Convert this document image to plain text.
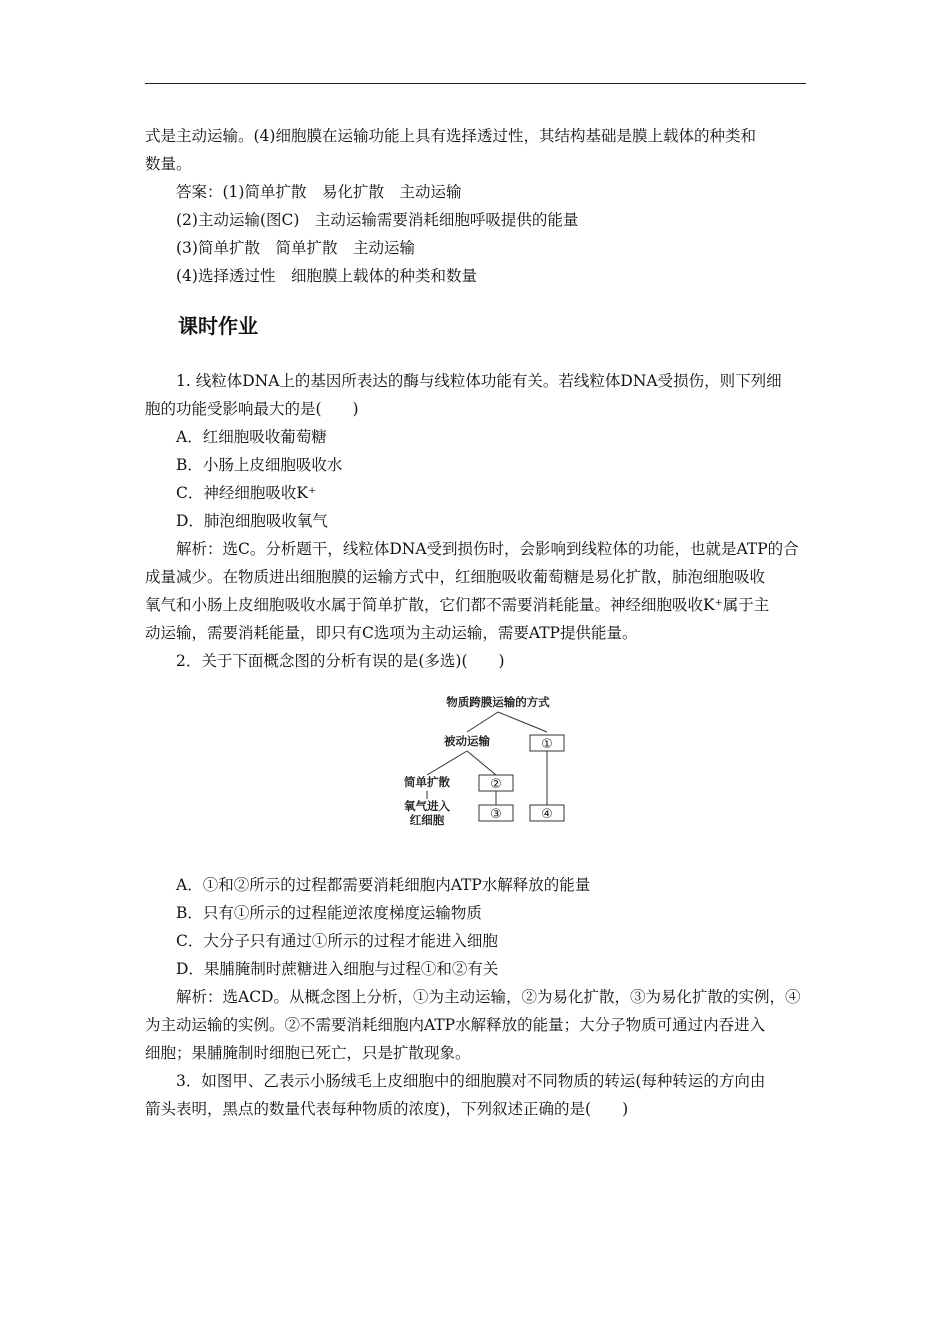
式是主动运输。(4)细胞膜在运输功能上具有选择透过性，其结构基础是膜上载体的种类和

数量。

答案：(1)简单扩散　易化扩散　主动运输

(2)主动运输(图C)　主动运输需要消耗细胞呼吸提供的能量

(3)简单扩散　简单扩散　主动运输

(4)选择透过性　细胞膜上载体的种类和数量

课时作业

1. 线粒体DNA上的基因所表达的酶与线粒体功能有关。若线粒体DNA受损伤，则下列细

胞的功能受影响最大的是(　　)

A．红细胞吸收葡萄糖

B．小肠上皮细胞吸收水

C．神经细胞吸收K⁺

D．肺泡细胞吸收氧气

解析：选C。分析题干，线粒体DNA受到损伤时，会影响到线粒体的功能，也就是ATP的合

成量减少。在物质进出细胞膜的运输方式中，红细胞吸收葡萄糖是易化扩散，肺泡细胞吸收

氧气和小肠上皮细胞吸收水属于简单扩散，它们都不需要消耗能量。神经细胞吸收K⁺属于主

动运输，需要消耗能量，即只有C选项为主动运输，需要ATP提供能量。

2．关于下面概念图的分析有误的是(多选)(　　)

物质跨膜运输的方式
被动运输	①
简单扩散	②
氧气进入
红细胞	③	④

A．①和②所示的过程都需要消耗细胞内ATP水解释放的能量

B．只有①所示的过程能逆浓度梯度运输物质

C．大分子只有通过①所示的过程才能进入细胞

D．果脯腌制时蔗糖进入细胞与过程①和②有关

解析：选ACD。从概念图上分析，①为主动运输，②为易化扩散，③为易化扩散的实例，④

为主动运输的实例。②不需要消耗细胞内ATP水解释放的能量；大分子物质可通过内吞进入

细胞；果脯腌制时细胞已死亡，只是扩散现象。

3．如图甲、乙表示小肠绒毛上皮细胞中的细胞膜对不同物质的转运(每种转运的方向由

箭头表明，黑点的数量代表每种物质的浓度)，下列叙述正确的是(　　)
